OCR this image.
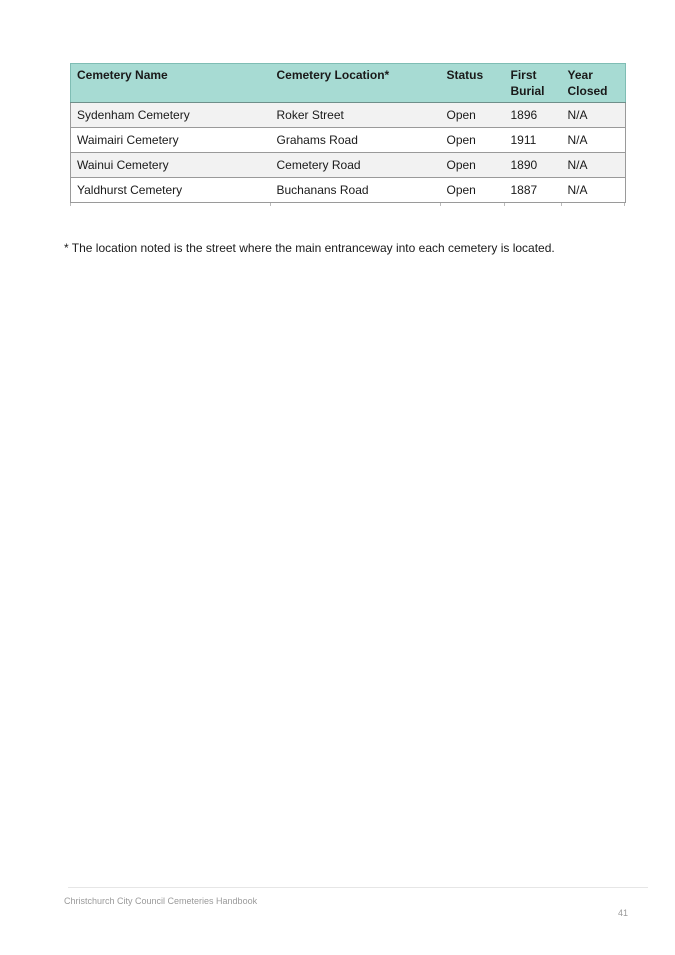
Cemetery Name	Cemetery Location*	Status	First Burial	Year Closed
Sydenham Cemetery	Roker Street	Open	1896	N/A
Waimairi Cemetery	Grahams Road	Open	1911	N/A
Wainui Cemetery	Cemetery Road	Open	1890	N/A
Yaldhurst Cemetery	Buchanans Road	Open	1887	N/A

* The location noted is the street where the main entranceway into each cemetery is located.

Christchurch City Council Cemeteries Handbook
41
